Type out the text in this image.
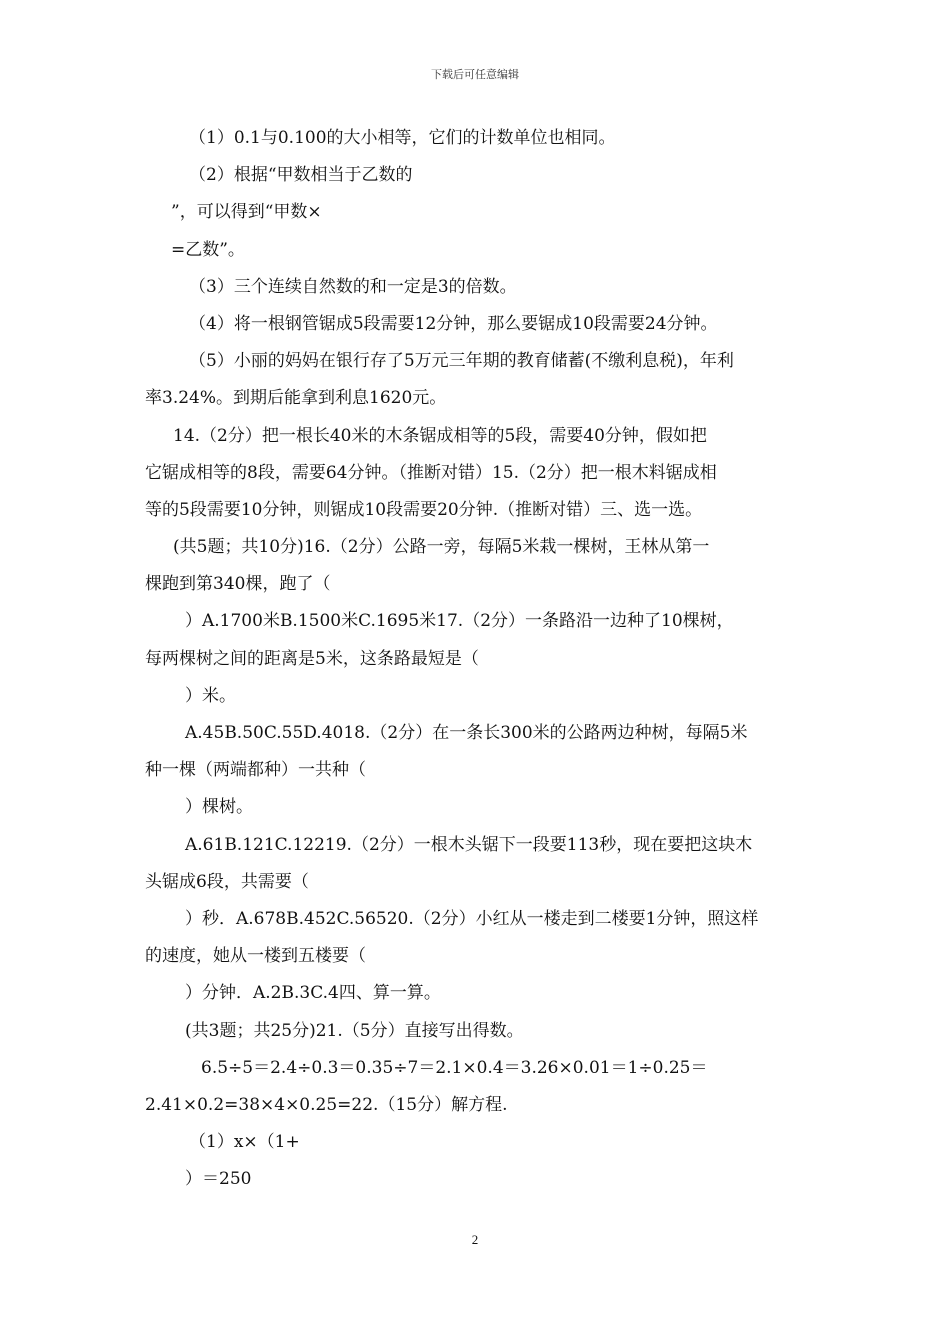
下载后可任意编辑
（1）0.1与0.100的大小相等，它们的计数单位也相同。
（2）根据“甲数相当于乙数的
”，可以得到“甲数×
=乙数”。
（3）三个连续自然数的和一定是3的倍数。
（4）将一根钢管锯成5段需要12分钟，那么要锯成10段需要24分钟。
（5）小丽的妈妈在银行存了5万元三年期的教育储蓄(不缴利息税)，年利
率3.24%。到期后能拿到利息1620元。
14.（2分）把一根长40米的木条锯成相等的5段，需要40分钟，假如把
它锯成相等的8段，需要64分钟。（推断对错）15.（2分）把一根木料锯成相
等的5段需要10分钟，则锯成10段需要20分钟.（推断对错）三、选一选。
(共5题；共10分)16.（2分）公路一旁，每隔5米栽一棵树，王林从第一
棵跑到第340棵，跑了（
）A.1700米B.1500米C.1695米17.（2分）一条路沿一边种了10棵树，
每两棵树之间的距离是5米，这条路最短是（
）米。
A.45B.50C.55D.4018.（2分）在一条长300米的公路两边种树，每隔5米
种一棵（两端都种）一共种（
）棵树。
A.61B.121C.12219.（2分）一根木头锯下一段要113秒，现在要把这块木
头锯成6段，共需要（
）秒．A.678B.452C.56520.（2分）小红从一楼走到二楼要1分钟，照这样
的速度，她从一楼到五楼要（
）分钟．A.2B.3C.4四、算一算。
(共3题；共25分)21.（5分）直接写出得数。
6.5÷5＝2.4÷0.3＝0.35÷7＝2.1×0.4＝3.26×0.01＝1÷0.25＝
2.41×0.2=38×4×0.25=22.（15分）解方程.
（1）x×（1+
）＝250
2
